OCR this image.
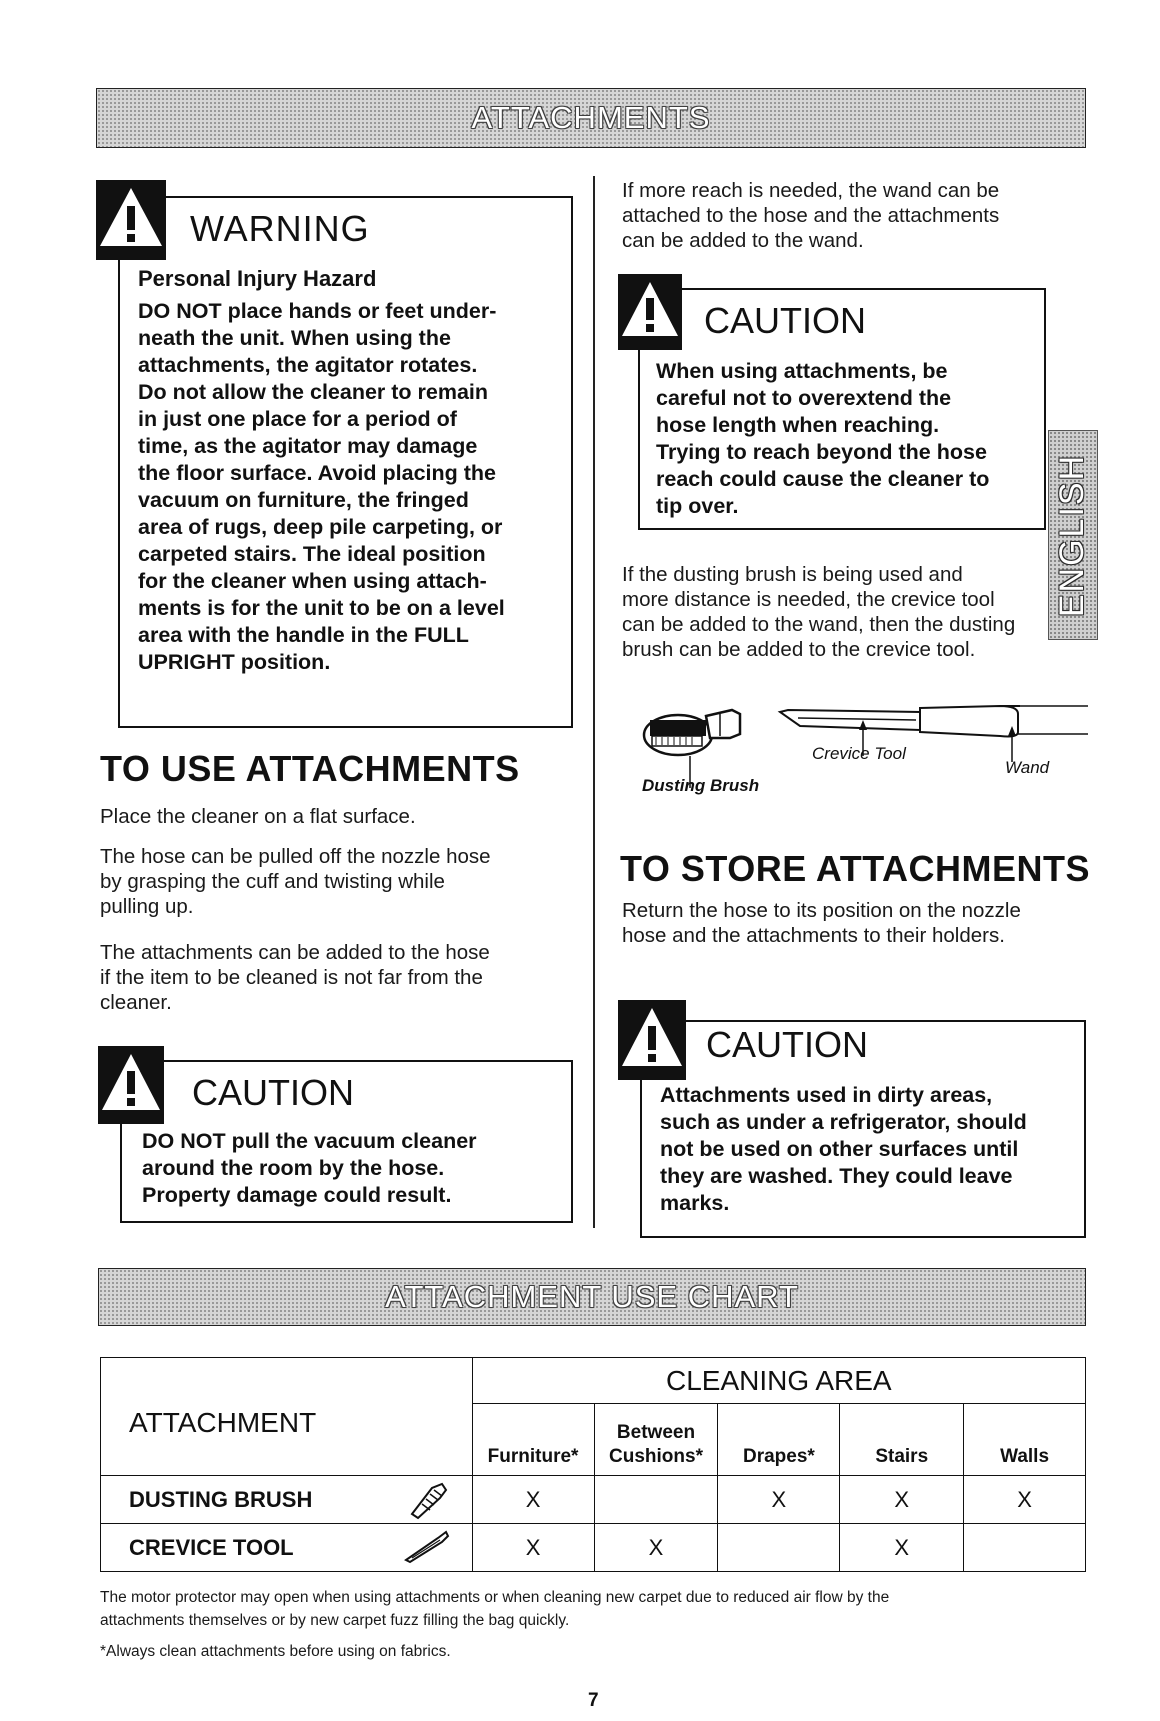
ATTACHMENTS
WARNING
Personal Injury Hazard
DO NOT place hands or feet under-
neath the unit. When using the
attachments, the agitator rotates.
Do not allow the cleaner to remain
in just one place for a period of
time, as the agitator may damage
the floor surface. Avoid placing the
vacuum on furniture, the fringed
area of rugs, deep pile carpeting, or
carpeted stairs. The ideal position
for the cleaner when using attach-
ments is for the unit to be on a level
area with the handle in the FULL
UPRIGHT position.
If more reach is needed, the wand can be
attached to the hose and the attachments
can be added to the wand.
CAUTION
When using attachments, be
careful not to overextend the
hose length when reaching.
Trying to reach beyond the hose
reach could cause the cleaner to
tip over.	ENGLISH
If the dusting brush is being used and
more distance is needed, the crevice tool
can be added to the wand, then the dusting
brush can be added to the crevice tool.
Crevice Tool
Wand
Dusting Brush
TO USE ATTACHMENTS
Place the cleaner on a flat surface.
The hose can be pulled off the nozzle hose
by grasping the cuff and twisting while
pulling up.
The attachments can be added to the hose
if the item to be cleaned is not far from the
cleaner.
CAUTION
DO NOT pull the vacuum cleaner
around the room by the hose.
Property damage could result.
TO STORE ATTACHMENTS
Return the hose to its position on the nozzle
hose and the attachments to their holders.
CAUTION
Attachments used in dirty areas,
such as under a refrigerator, should
not be used on other surfaces until
they are washed. They could leave
marks.
ATTACHMENT USE CHART
ATTACHMENT	CLEANING AREA				

	Furniture*	Between
Cushions*	Drapes*	Stairs	Walls

DUSTING BRUSH	X		X	X	X
CREVICE TOOL	X	X		X	
The motor protector may open when using attachments or when cleaning new carpet due to reduced air flow by the
attachments themselves or by new carpet fuzz filling the bag quickly.
*Always clean attachments before using on fabrics.
7
